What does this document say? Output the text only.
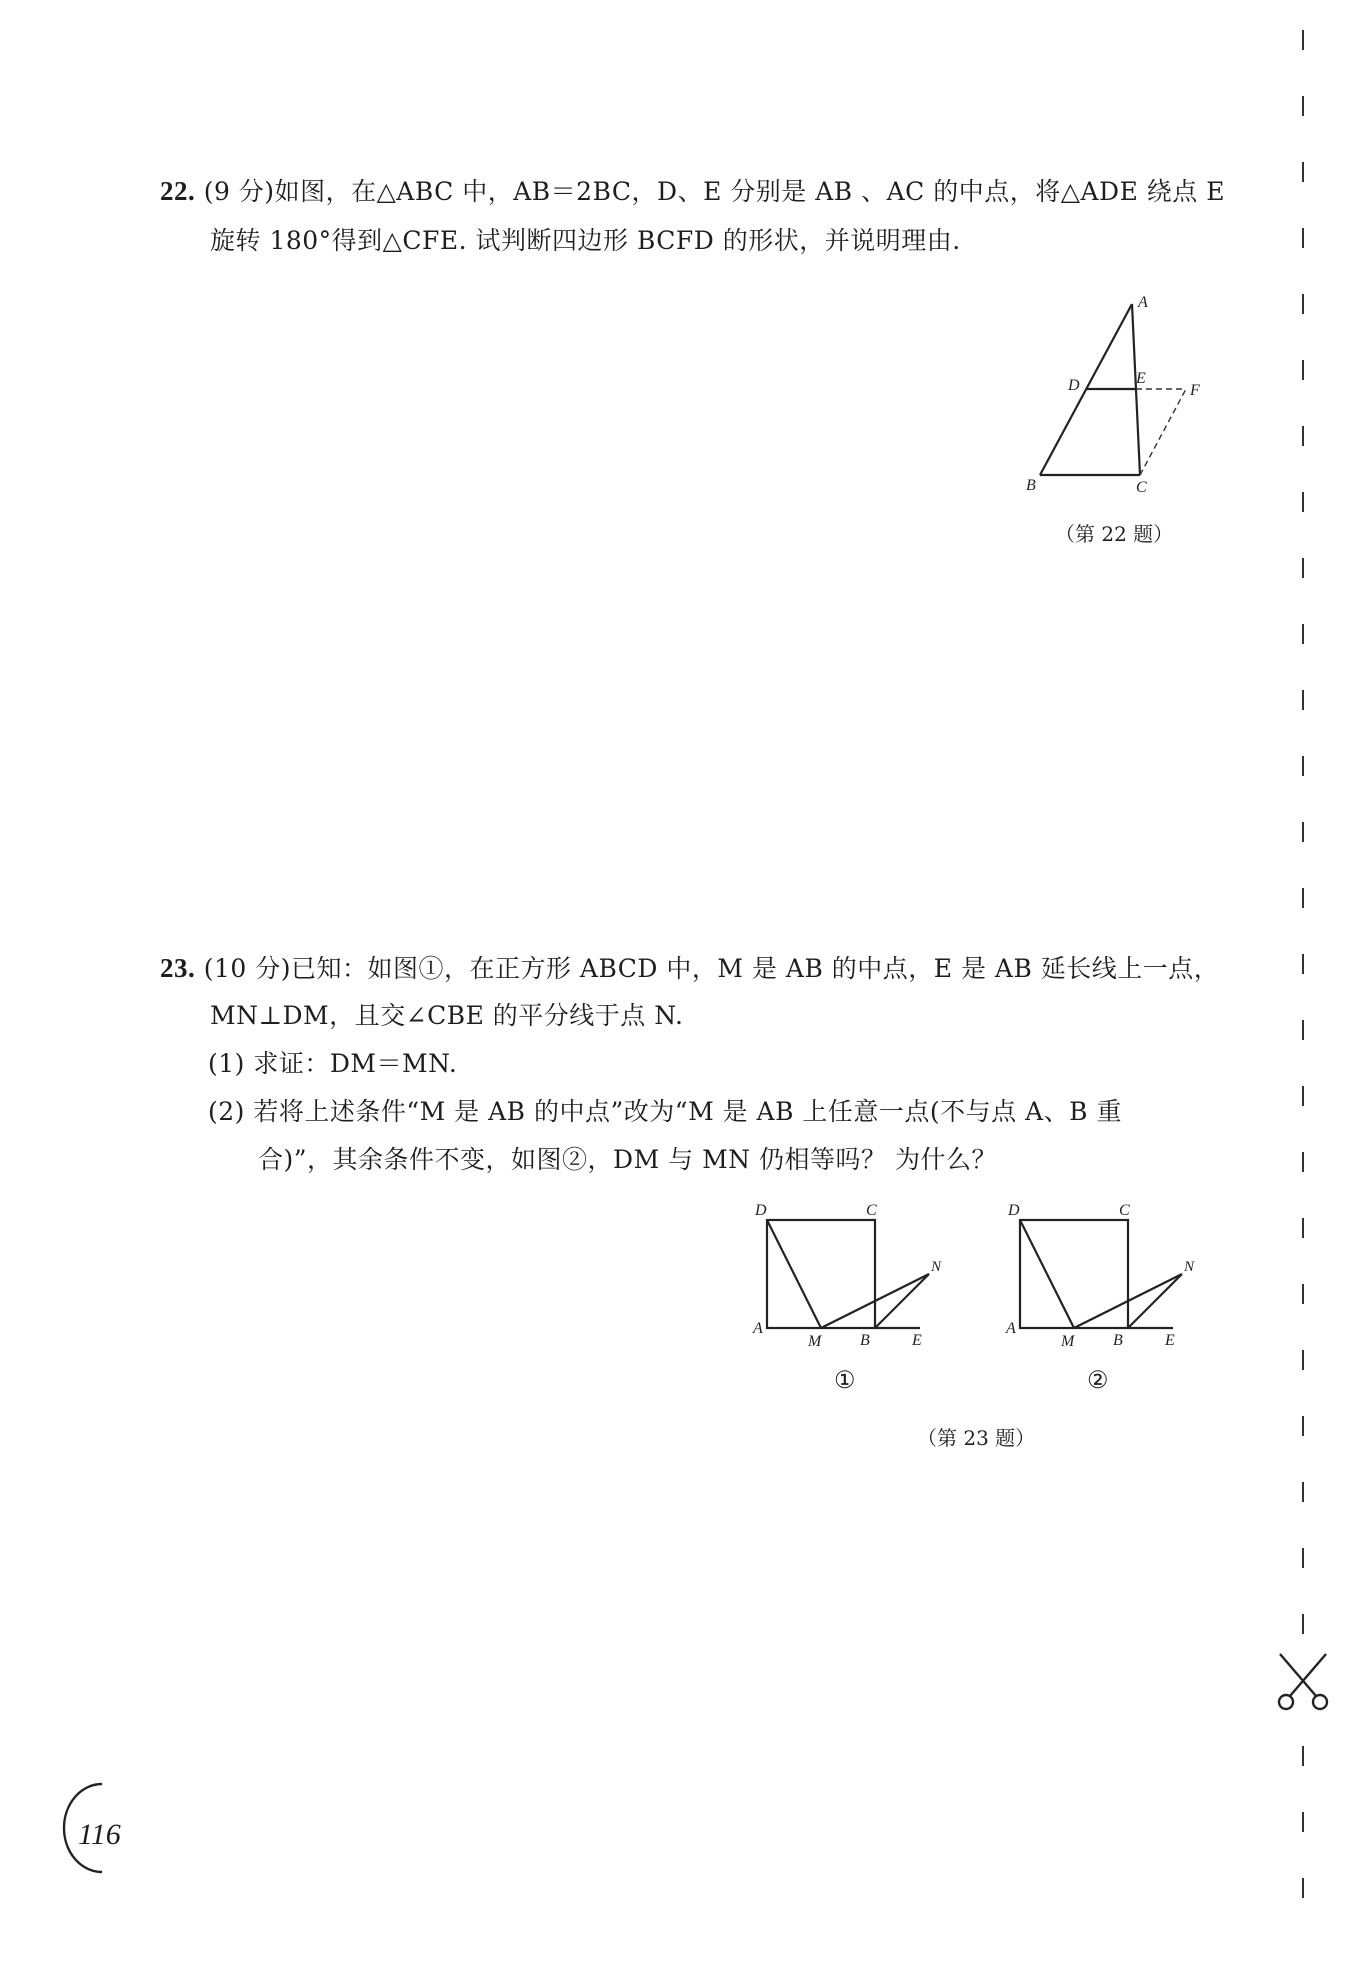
22. (9 分)如图，在△ABC 中，AB＝2BC，D、E 分别是 AB 、AC 的中点，将△ADE 绕点 E
旋转 180°得到△CFE. 试判断四边形 BCFD 的形状，并说明理由.
A
D	E
F
B	C
（第 22 题）
23. (10 分)已知：如图①，在正方形 ABCD 中，M 是 AB 的中点，E 是 AB 延长线上一点，
MN⊥DM，且交∠CBE 的平分线于点 N.
(1) 求证：DM＝MN.
(2) 若将上述条件“M 是 AB 的中点”改为“M 是 AB 上任意一点(不与点 A、B 重
合)”，其余条件不变，如图②，DM 与 MN 仍相等吗？ 为什么？
D	C
N
A
M B	E
①
D	C
N
A
M B	E
②
（第 23 题）
116
